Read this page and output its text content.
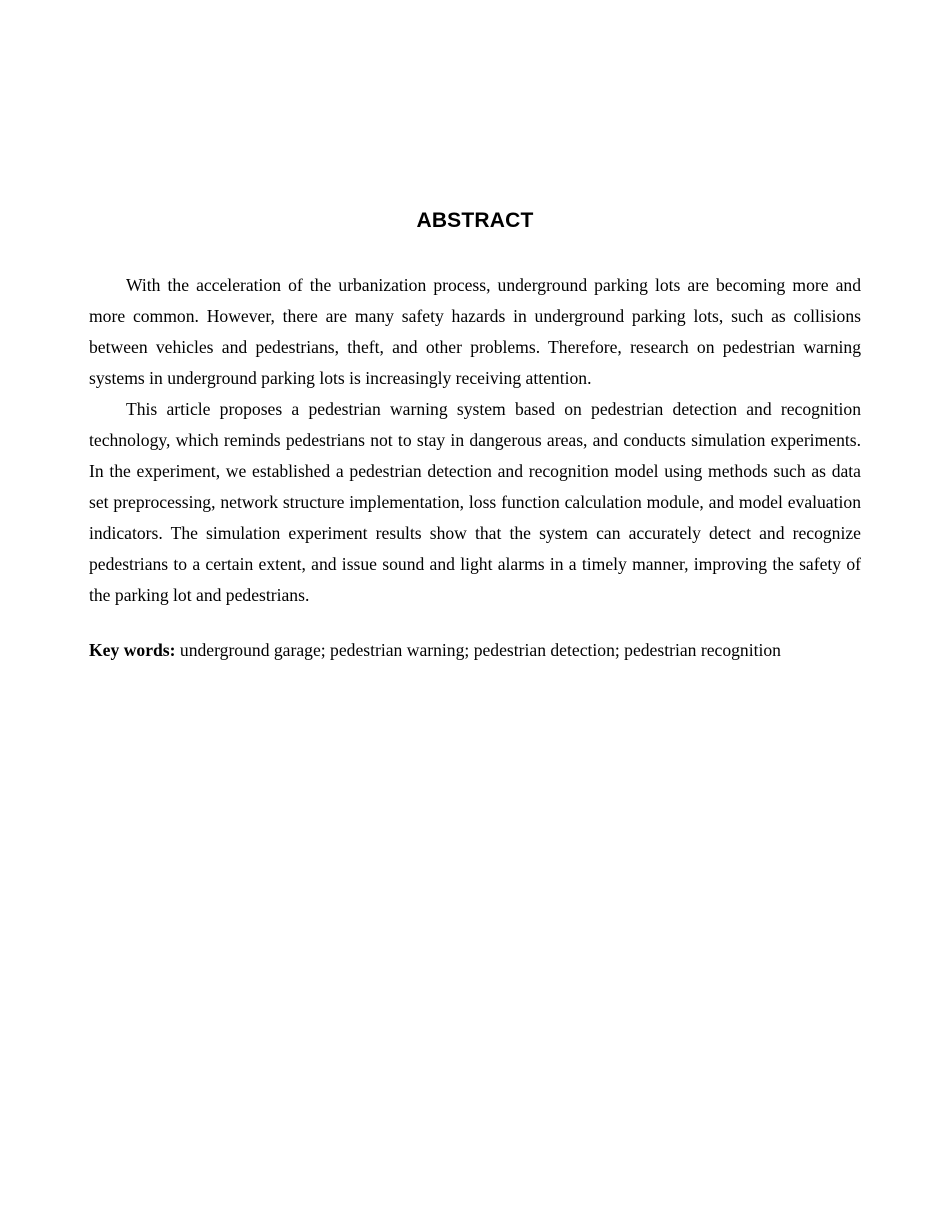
ABSTRACT

With the acceleration of the urbanization process, underground parking lots are becoming more and more common. However, there are many safety hazards in underground parking lots, such as collisions between vehicles and pedestrians, theft, and other problems. Therefore, research on pedestrian warning systems in underground parking lots is increasingly receiving attention.

This article proposes a pedestrian warning system based on pedestrian detection and recognition technology, which reminds pedestrians not to stay in dangerous areas, and conducts simulation experiments. In the experiment, we established a pedestrian detection and recognition model using methods such as data set preprocessing, network structure implementation, loss function calculation module, and model evaluation indicators. The simulation experiment results show that the system can accurately detect and recognize pedestrians to a certain extent, and issue sound and light alarms in a timely manner, improving the safety of the parking lot and pedestrians.

Key words: underground garage; pedestrian warning; pedestrian detection; pedestrian recognition
